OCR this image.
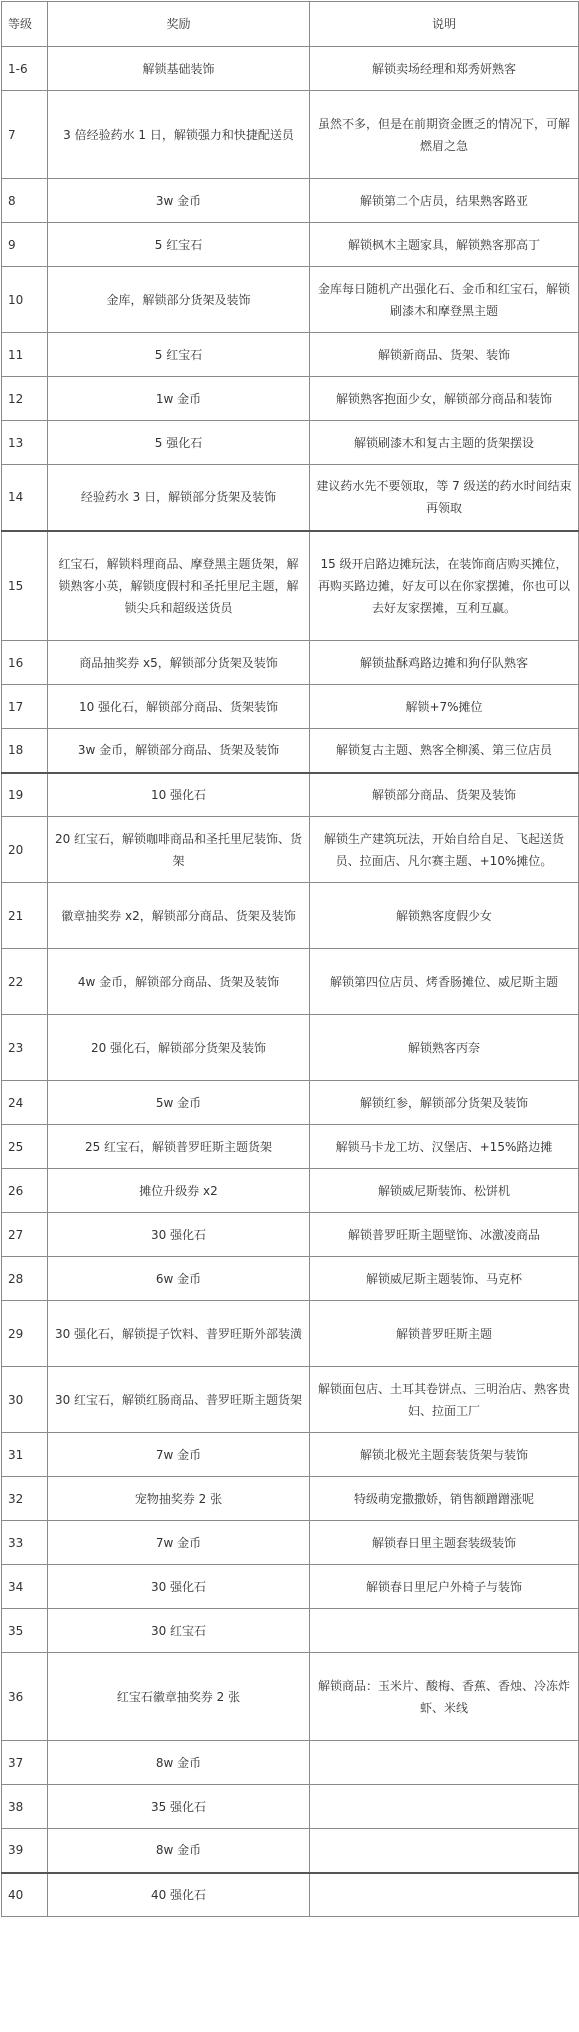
等级	奖励	说明
1-6	解锁基础装饰	解锁卖场经理和郑秀妍熟客
7	3 倍经验药水 1 日，解锁强力和快捷配送员	虽然不多，但是在前期资金匮乏的情况下，可解燃眉之急
8	3w 金币	解锁第二个店员，结果熟客路亚
9	5 红宝石	解锁枫木主题家具，解锁熟客那高丁
10	金库，解锁部分货架及装饰	金库每日随机产出强化石、金币和红宝石，解锁刷漆木和摩登黑主题
11	5 红宝石	解锁新商品、货架、装饰
12	1w 金币	解锁熟客抱面少女，解锁部分商品和装饰
13	5 强化石	解锁刷漆木和复古主题的货架摆设
14	经验药水 3 日，解锁部分货架及装饰	建议药水先不要领取，等 7 级送的药水时间结束再领取
15	红宝石，解锁料理商品、摩登黑主题货架，解锁熟客小英，解锁度假村和圣托里尼主题，解锁尖兵和超级送货员	15 级开启路边摊玩法，在装饰商店购买摊位，再购买路边摊，好友可以在你家摆摊，你也可以去好友家摆摊，互利互赢。
16	商品抽奖券 x5，解锁部分货架及装饰	解锁盐酥鸡路边摊和狗仔队熟客
17	10 强化石，解锁部分商品、货架装饰	解锁+7%摊位
18	3w 金币，解锁部分商品、货架及装饰	解锁复古主题、熟客全柳溪、第三位店员
19	10 强化石	解锁部分商品、货架及装饰
20	20 红宝石，解锁咖啡商品和圣托里尼装饰、货架	解锁生产建筑玩法，开始自给自足、飞起送货员、拉面店、凡尔赛主题、+10%摊位。
21	徽章抽奖券 x2，解锁部分商品、货架及装饰	解锁熟客度假少女
22	4w 金币，解锁部分商品、货架及装饰	解锁第四位店员、烤香肠摊位、威尼斯主题
23	20 强化石，解锁部分货架及装饰	解锁熟客丙奈
24	5w 金币	解锁红参，解锁部分货架及装饰
25	25 红宝石，解锁普罗旺斯主题货架	解锁马卡龙工坊、汉堡店、+15%路边摊
26	摊位升级券 x2	解锁威尼斯装饰、松饼机
27	30 强化石	解锁普罗旺斯主题壁饰、冰激凌商品
28	6w 金币	解锁威尼斯主题装饰、马克杯
29	30 强化石，解锁提子饮料、普罗旺斯外部装潢	解锁普罗旺斯主题
30	30 红宝石，解锁红肠商品、普罗旺斯主题货架	解锁面包店、土耳其卷饼点、三明治店、熟客贵妇、拉面工厂
31	7w 金币	解锁北极光主题套装货架与装饰
32	宠物抽奖券 2 张	特级萌宠撒撒娇，销售额蹭蹭涨呢
33	7w 金币	解锁春日里主题套装级装饰
34	30 强化石	解锁春日里尼户外椅子与装饰
35	30 红宝石	
36	红宝石徽章抽奖券 2 张	解锁商品：玉米片、酸梅、香蕉、香烛、冷冻炸虾、米线
37	8w 金币	
38	35 强化石	
39	8w 金币	
40	40 强化石	
